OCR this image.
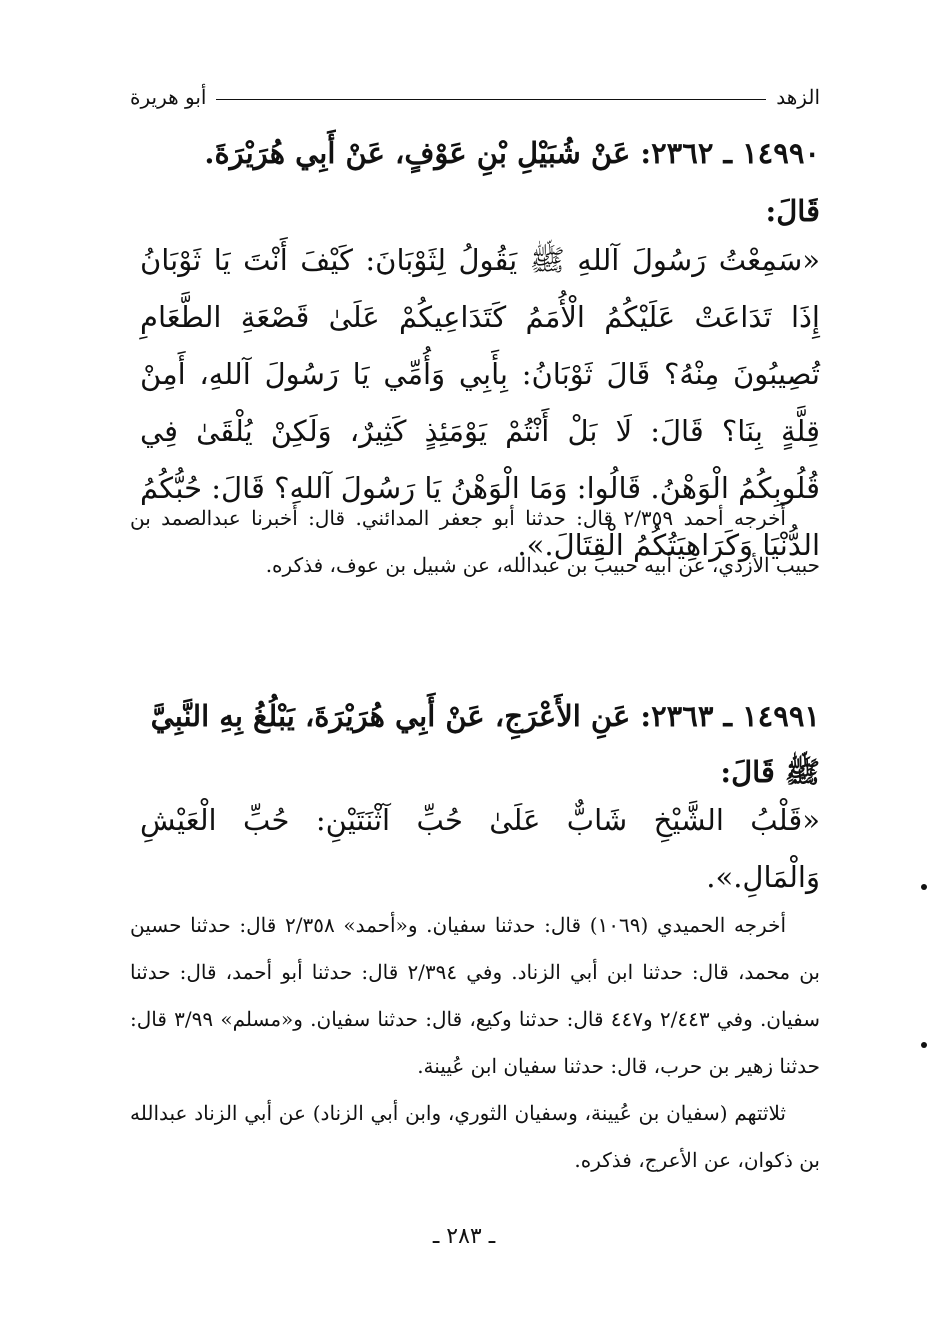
الزهد
أبو هريرة
١٤٩٩٠ ـ ٢٣٦٢: عَنْ شُبَيْلِ بْنِ عَوْفٍ، عَنْ أَبِي هُرَيْرَةَ.
قَالَ:
«سَمِعْتُ رَسُولَ آللهِ ﷺ يَقُولُ لِثَوْبَانَ: كَيْفَ أَنْتَ يَا ثَوْبَانُ إِذَا تَدَاعَتْ عَلَيْكُمُ الْأُمَمُ كَتَدَاعِيكُمْ عَلَىٰ قَصْعَةِ الطَّعَامِ تُصِيبُونَ مِنْهُ؟ قَالَ ثَوْبَانُ: بِأَبِي وَأُمِّي يَا رَسُولَ آللهِ، أَمِنْ قِلَّةٍ بِنَا؟ قَالَ: لَا بَلْ أَنْتُمْ يَوْمَئِذٍ كَثِيرٌ، وَلَكِنْ يُلْقَىٰ فِي قُلُوبِكُمُ الْوَهْنُ. قَالُوا: وَمَا الْوَهْنُ يَا رَسُولَ آللهِ؟ قَالَ: حُبُّكُمُ الدُّنْيَا وَكَرَاهِيَتُكُمُ الْقِتَالَ.».

أخرجه أحمد ٢/٣٥٩ قال: حدثنا أبو جعفر المدائني. قال: أخبرنا عبدالصمد بن حبيب الأزدي، عن أبيه حبيب بن عبدالله، عن شبيل بن عوف، فذكره.

١٤٩٩١ ـ ٢٣٦٣: عَنِ الأَعْرَجِ، عَنْ أَبِي هُرَيْرَةَ، يَبْلُغُ بِهِ النَّبِيَّ ﷺ قَالَ:
«قَلْبُ الشَّيْخِ شَابٌّ عَلَىٰ حُبِّ آثْنَتَيْنِ: حُبِّ الْعَيْشِ وَالْمَالِ.».

أخرجه الحميدي (١٠٦٩) قال: حدثنا سفيان. و«أحمد» ٢/٣٥٨ قال: حدثنا حسين بن محمد، قال: حدثنا ابن أبي الزناد. وفي ٢/٣٩٤ قال: حدثنا أبو أحمد، قال: حدثنا سفيان. وفي ٢/٤٤٣ و٤٤٧ قال: حدثنا وكيع، قال: حدثنا سفيان. و«مسلم» ٣/٩٩ قال: حدثنا زهير بن حرب، قال: حدثنا سفيان ابن عُيينة.

ثلاثتهم (سفيان بن عُيينة، وسفيان الثوري، وابن أبي الزناد) عن أبي الزناد عبدالله بن ذكوان، عن الأعرج، فذكره.

ـ ٢٨٣ ـ
